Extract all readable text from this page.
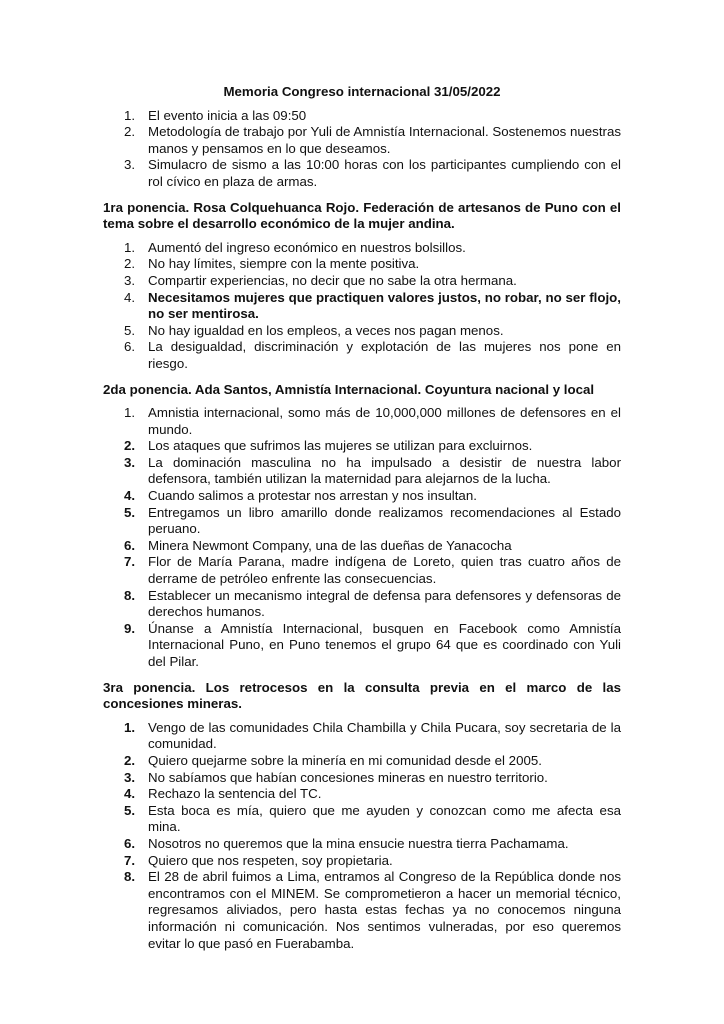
Memoria Congreso internacional 31/05/2022
1. El evento inicia a las 09:50
2. Metodología de trabajo por Yuli de Amnistía Internacional. Sostenemos nuestras manos y pensamos en lo que deseamos.
3. Simulacro de sismo a las 10:00 horas con los participantes cumpliendo con el rol cívico en plaza de armas.
1ra ponencia. Rosa Colquehuanca Rojo. Federación de artesanos de Puno con el tema sobre el desarrollo económico de la mujer andina.
1. Aumentó del ingreso económico en nuestros bolsillos.
2. No hay límites, siempre con la mente positiva.
3. Compartir experiencias, no decir que no sabe la otra hermana.
4. Necesitamos mujeres que practiquen valores justos, no robar, no ser flojo, no ser mentirosa.
5. No hay igualdad en los empleos, a veces nos pagan menos.
6. La desigualdad, discriminación y explotación de las mujeres nos pone en riesgo.
2da ponencia. Ada Santos, Amnistía Internacional. Coyuntura nacional y local
1. Amnistia internacional, somo más de 10,000,000 millones de defensores en el mundo.
2. Los ataques que sufrimos las mujeres se utilizan para excluirnos.
3. La dominación masculina no ha impulsado a desistir de nuestra labor defensora, también utilizan la maternidad para alejarnos de la lucha.
4. Cuando salimos a protestar nos arrestan y nos insultan.
5. Entregamos un libro amarillo donde realizamos recomendaciones al Estado peruano.
6. Minera Newmont Company, una de las dueñas de Yanacocha
7. Flor de María Parana, madre indígena de Loreto, quien tras cuatro años de derrame de petróleo enfrente las consecuencias.
8. Establecer un mecanismo integral de defensa para defensores y defensoras de derechos humanos.
9. Únanse a Amnistía Internacional, busquen en Facebook como Amnistía Internacional Puno, en Puno tenemos el grupo 64 que es coordinado con Yuli del Pilar.
3ra ponencia. Los retrocesos en la consulta previa en el marco de las concesiones mineras.
1. Vengo de las comunidades Chila Chambilla y Chila Pucara, soy secretaria de la comunidad.
2. Quiero quejarme sobre la minería en mi comunidad desde el 2005.
3. No sabíamos que habían concesiones mineras en nuestro territorio.
4. Rechazo la sentencia del TC.
5. Esta boca es mía, quiero que me ayuden y conozcan como me afecta esa mina.
6. Nosotros no queremos que la mina ensucie nuestra tierra Pachamama.
7. Quiero que nos respeten, soy propietaria.
8. El 28 de abril fuimos a Lima, entramos al Congreso de la República donde nos encontramos con el MINEM. Se comprometieron a hacer un memorial técnico, regresamos aliviados, pero hasta estas fechas ya no conocemos ninguna información ni comunicación. Nos sentimos vulneradas, por eso queremos evitar lo que pasó en Fuerabamba.
